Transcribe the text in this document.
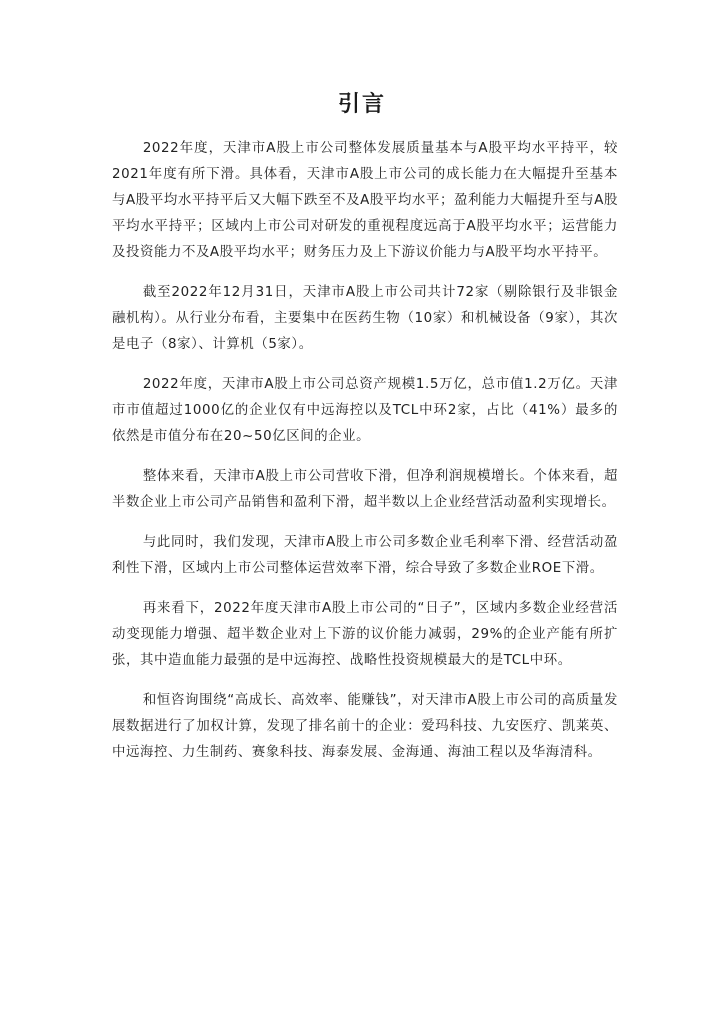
引言

2022年度，天津市A股上市公司整体发展质量基本与A股平均水平持平，较2021年度有所下滑。具体看，天津市A股上市公司的成长能力在大幅提升至基本与A股平均水平持平后又大幅下跌至不及A股平均水平；盈利能力大幅提升至与A股平均水平持平；区域内上市公司对研发的重视程度远高于A股平均水平；运营能力及投资能力不及A股平均水平；财务压力及上下游议价能力与A股平均水平持平。

截至2022年12月31日，天津市A股上市公司共计72家（剔除银行及非银金融机构）。从行业分布看，主要集中在医药生物（10家）和机械设备（9家），其次是电子（8家）、计算机（5家）。

2022年度，天津市A股上市公司总资产规模1.5万亿，总市值1.2万亿。天津市市值超过1000亿的企业仅有中远海控以及TCL中环2家，占比（41%）最多的依然是市值分布在20~50亿区间的企业。

整体来看，天津市A股上市公司营收下滑，但净利润规模增长。个体来看，超半数企业上市公司产品销售和盈利下滑，超半数以上企业经营活动盈利实现增长。

与此同时，我们发现，天津市A股上市公司多数企业毛利率下滑、经营活动盈利性下滑，区域内上市公司整体运营效率下滑，综合导致了多数企业ROE下滑。

再来看下，2022年度天津市A股上市公司的“日子”，区域内多数企业经营活动变现能力增强、超半数企业对上下游的议价能力减弱，29%的企业产能有所扩张，其中造血能力最强的是中远海控、战略性投资规模最大的是TCL中环。

和恒咨询围绕“高成长、高效率、能赚钱”，对天津市A股上市公司的高质量发展数据进行了加权计算，发现了排名前十的企业：爱玛科技、九安医疗、凯莱英、中远海控、力生制药、赛象科技、海泰发展、金海通、海油工程以及华海清科。
